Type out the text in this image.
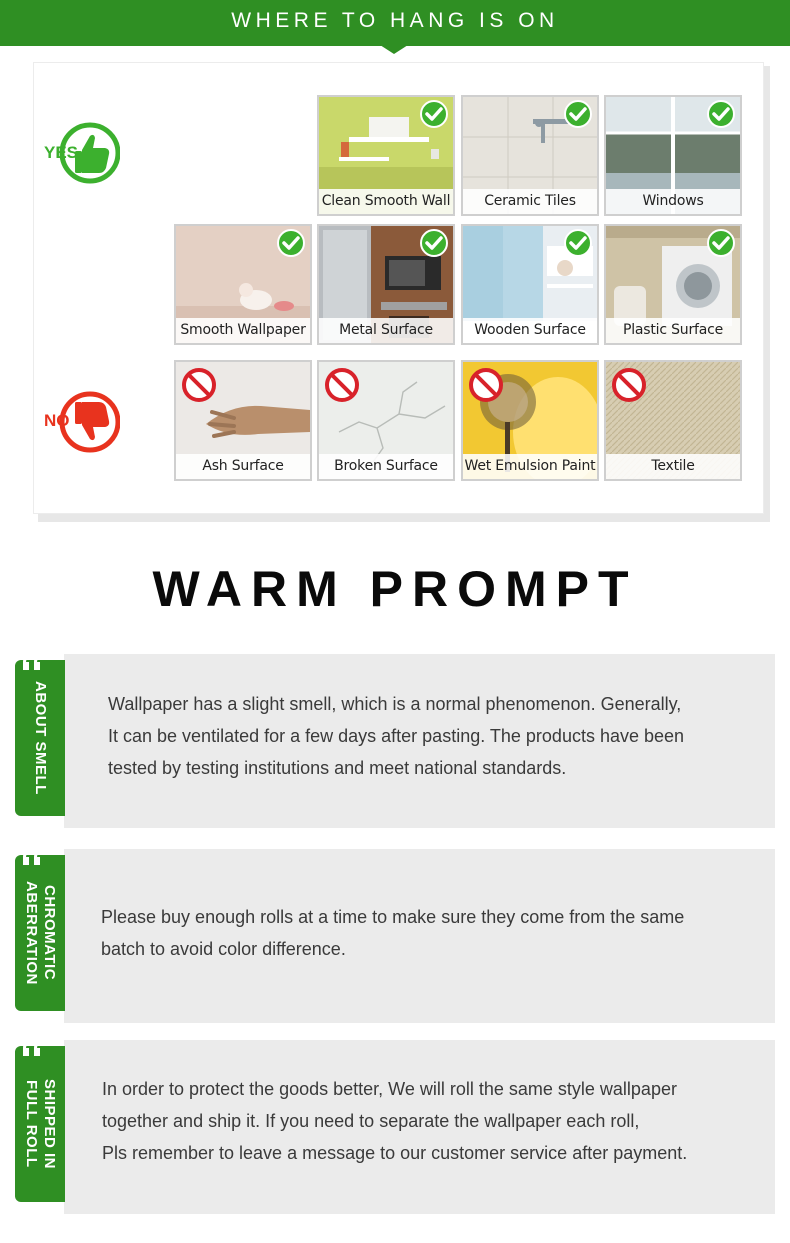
WHERE TO HANG IS ON
YES
NO
Clean Smooth Wall	Ceramic Tiles	Windows
Smooth Wallpaper	Metal Surface	Wooden Surface	Plastic Surface
Ash Surface	Broken Surface	Wet Emulsion Paint	Textile
WARM PROMPT
Wallpaper has a slight smell, which is a normal phenomenon. Generally,
It can be ventilated for a few days after pasting. The products have been
tested by testing institutions and meet national standards.
ABOUT SMELL
Please buy enough rolls at a time to make sure they come from the same
batch to avoid color difference.
CHROMATIC
ABERRATION
In order to protect the goods better, We will roll the same style wallpaper
together and ship it. If you need to separate the wallpaper each roll,
Pls remember to leave a message to our customer service after payment.
SHIPPED IN
FULL ROLL
